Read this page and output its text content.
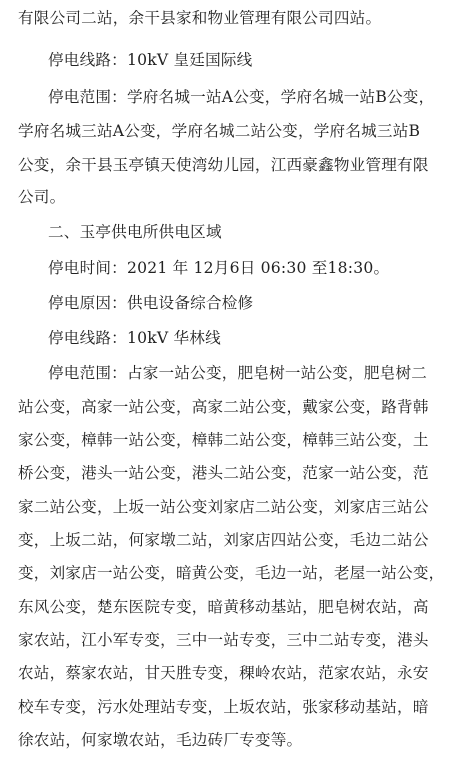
有限公司二站，余干县家和物业管理有限公司四站。
停电线路：10kV 皇廷国际线
停电范围：学府名城一站A公变，学府名城一站B公变，
学府名城三站A公变，学府名城二站公变，学府名城三站B
公变，余干县玉亭镇天使湾幼儿园，江西豪鑫物业管理有限
公司。
二、玉亭供电所供电区域
停电时间：2021 年 12月6日 06:30 至18:30。
停电原因：供电设备综合检修
停电线路：10kV 华林线
停电范围：占家一站公变，肥皂树一站公变，肥皂树二
站公变，高家一站公变，高家二站公变，戴家公变，路背韩
家公变，樟韩一站公变，樟韩二站公变，樟韩三站公变，土
桥公变，港头一站公变，港头二站公变，范家一站公变，范
家二站公变，上坂一站公变刘家店二站公变，刘家店三站公
变，上坂二站，何家墩二站，刘家店四站公变，毛边二站公
变，刘家店一站公变，暗黄公变，毛边一站，老屋一站公变，
东风公变，楚东医院专变，暗黄移动基站，肥皂树农站，高
家农站，江小军专变，三中一站专变，三中二站专变，港头
农站，蔡家农站，甘天胜专变，稞岭农站，范家农站，永安
校车专变，污水处理站专变，上坂农站，张家移动基站，暗
徐农站，何家墩农站，毛边砖厂专变等。
